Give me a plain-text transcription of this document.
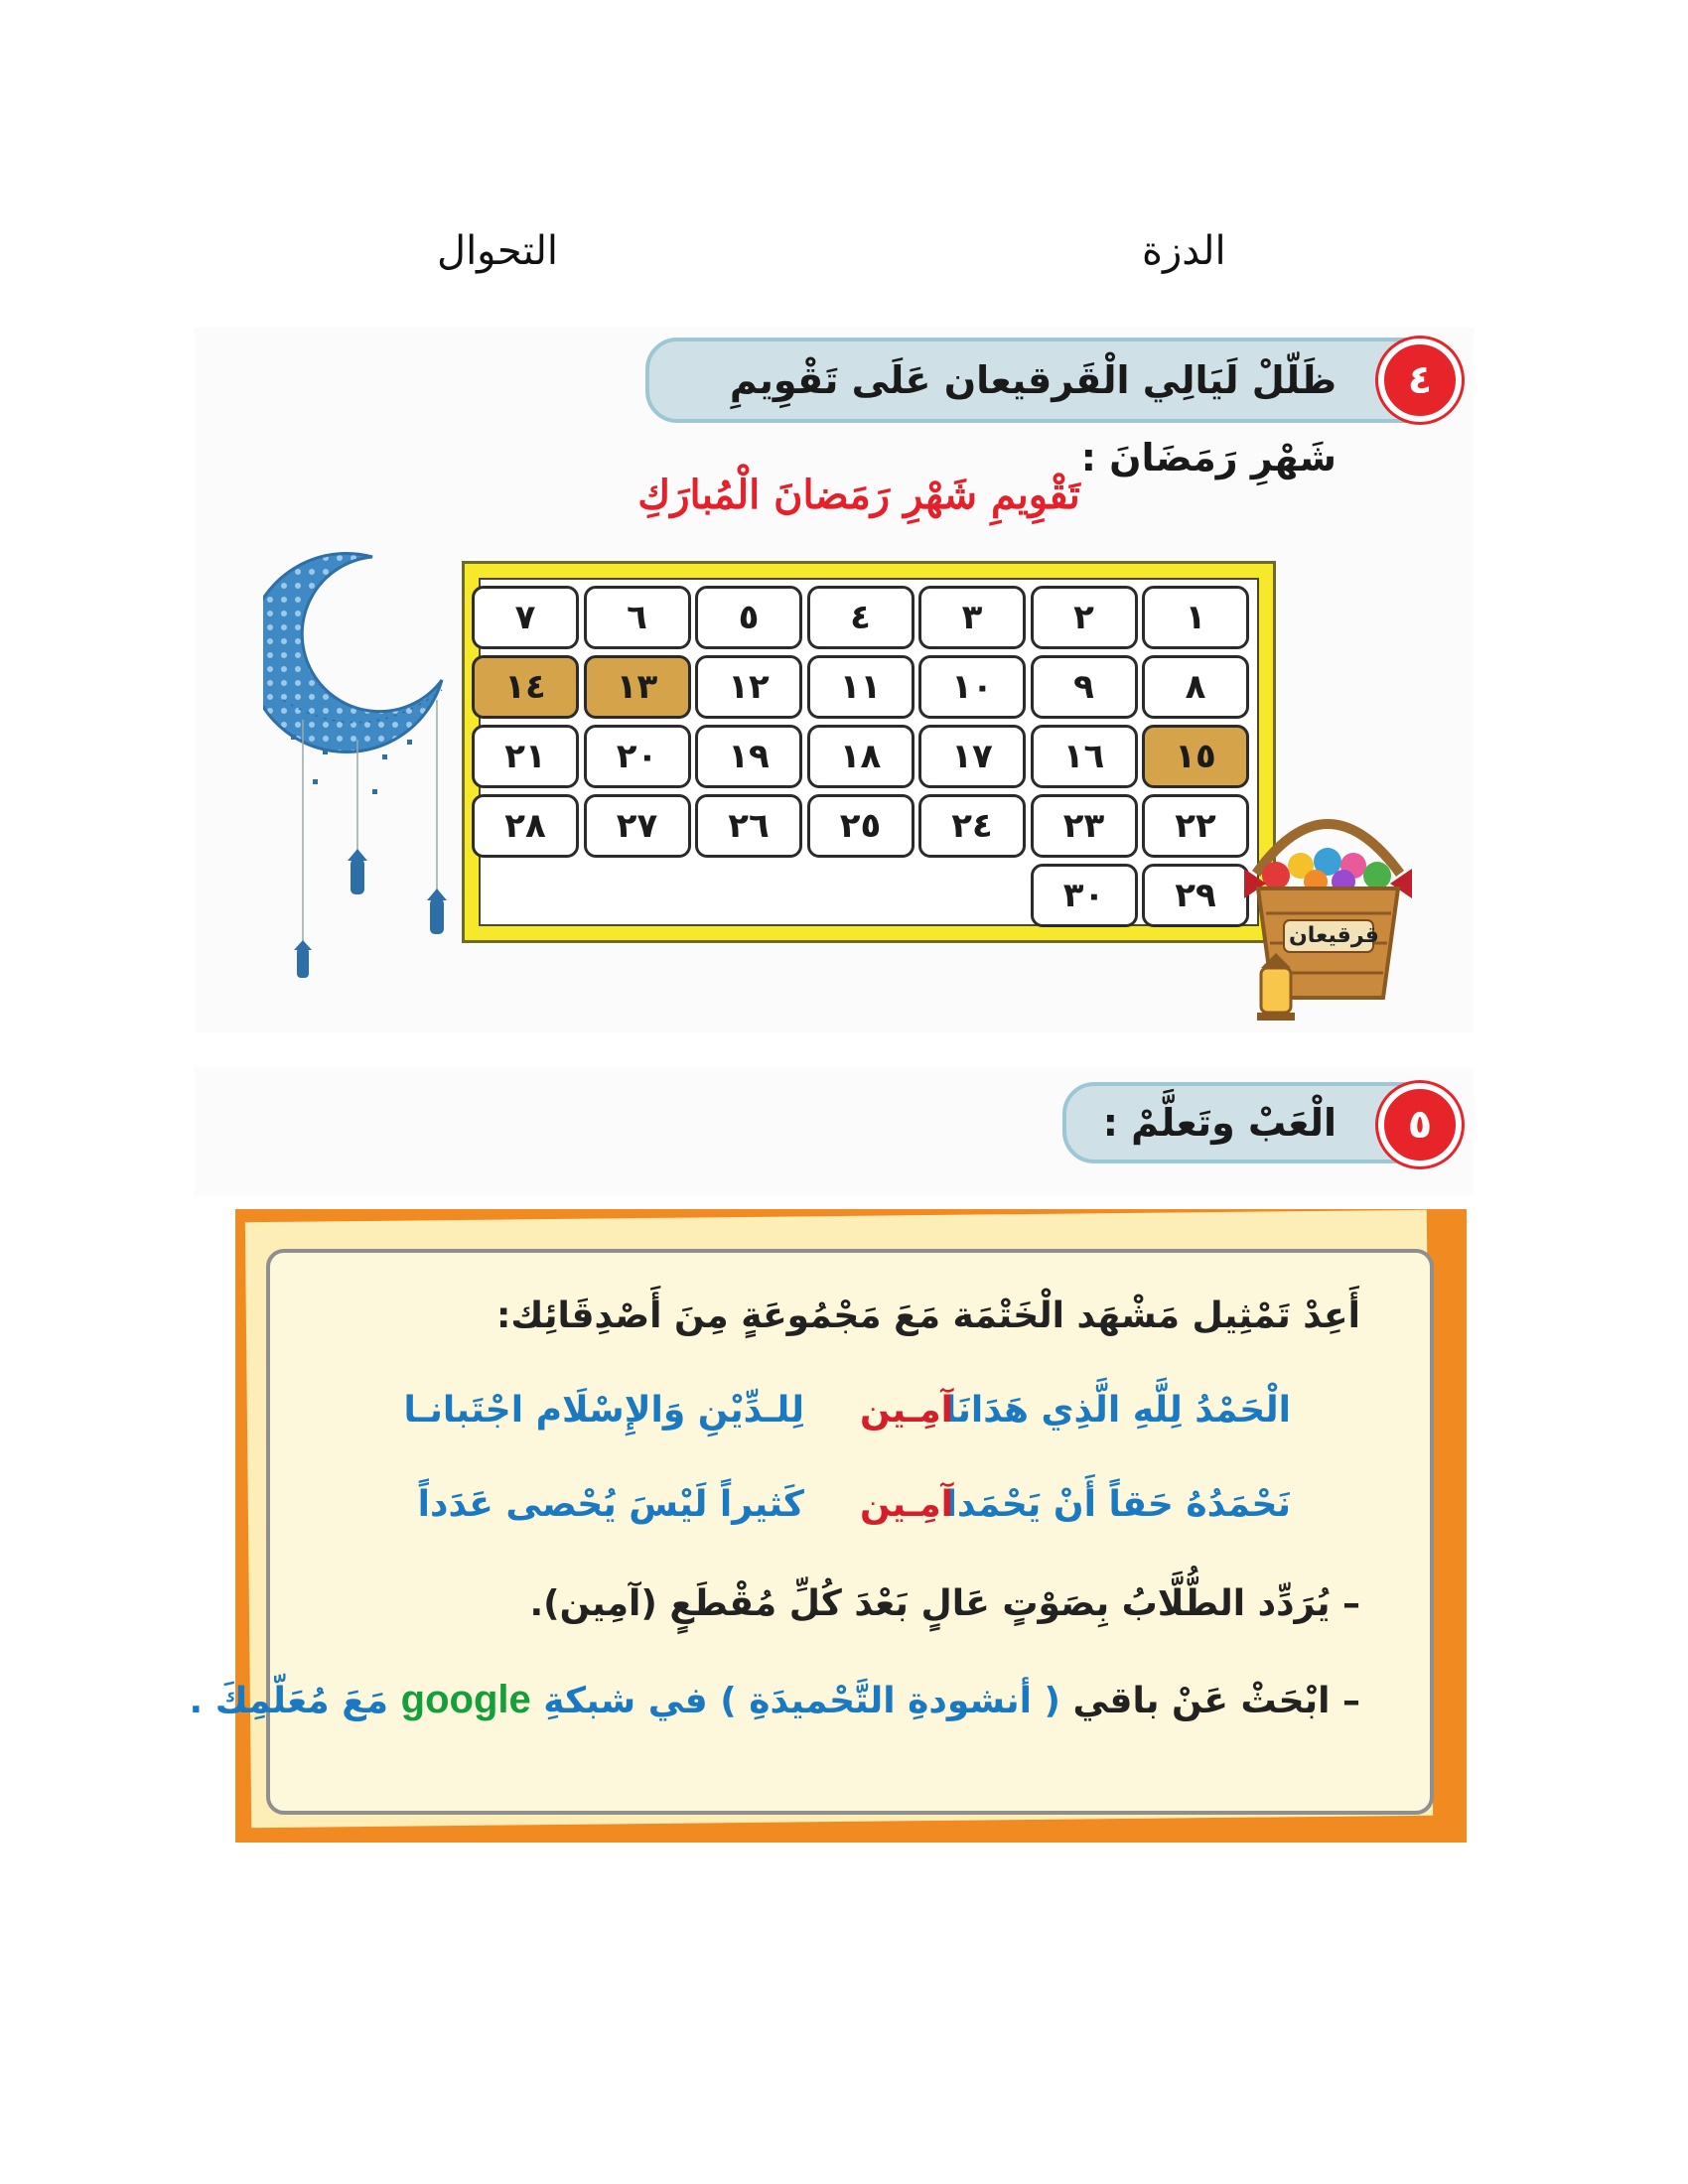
الدزة
التحوال
ظَلّلْ لَيَالِي الْقَرقيعان عَلَى تَقْوِيمِ شَهْرِ رَمَضَانَ :
٤
تَقْوِيمِ شَهْرِ رَمَضانَ الْمُبارَكِ
١
٢
٣
٤
٥
٦
٧
٨
٩
١٠
١١
١٢
١٣
١٤
١٥
١٦
١٧
١٨
١٩
٢٠
٢١
٢٢
٢٣
٢٤
٢٥
٢٦
٢٧
٢٨
٢٩
٣٠
قرقيعان
الْعَبْ وتَعلَّمْ :	٥
أَعِدْ تَمْثِيل مَشْهَد الْخَتْمَة مَعَ مَجْمُوعَةٍ مِنَ أَصْدِقَائِك:
الْحَمْدُ لِلَّهِ الَّذِي هَدَانَا
آمِـين
لِلـدِّيْنِ وَالإِسْلَام اجْتَبانـا
نَحْمَدُهُ حَقاً أَنْ يَحْمَدا
آمِـين
كَثيراً لَيْسَ يُحْصى عَدَداً
– يُرَدِّد الطُّلَّابُ بِصَوْتٍ عَالٍ بَعْدَ كُلِّ مُقْطَعٍ (آمِين).
– ابْحَثْ عَنْ باقي ( أنشودةِ التَّحْميدَةِ ) في شبكةِ google مَعَ مُعَلّمِكَ .
